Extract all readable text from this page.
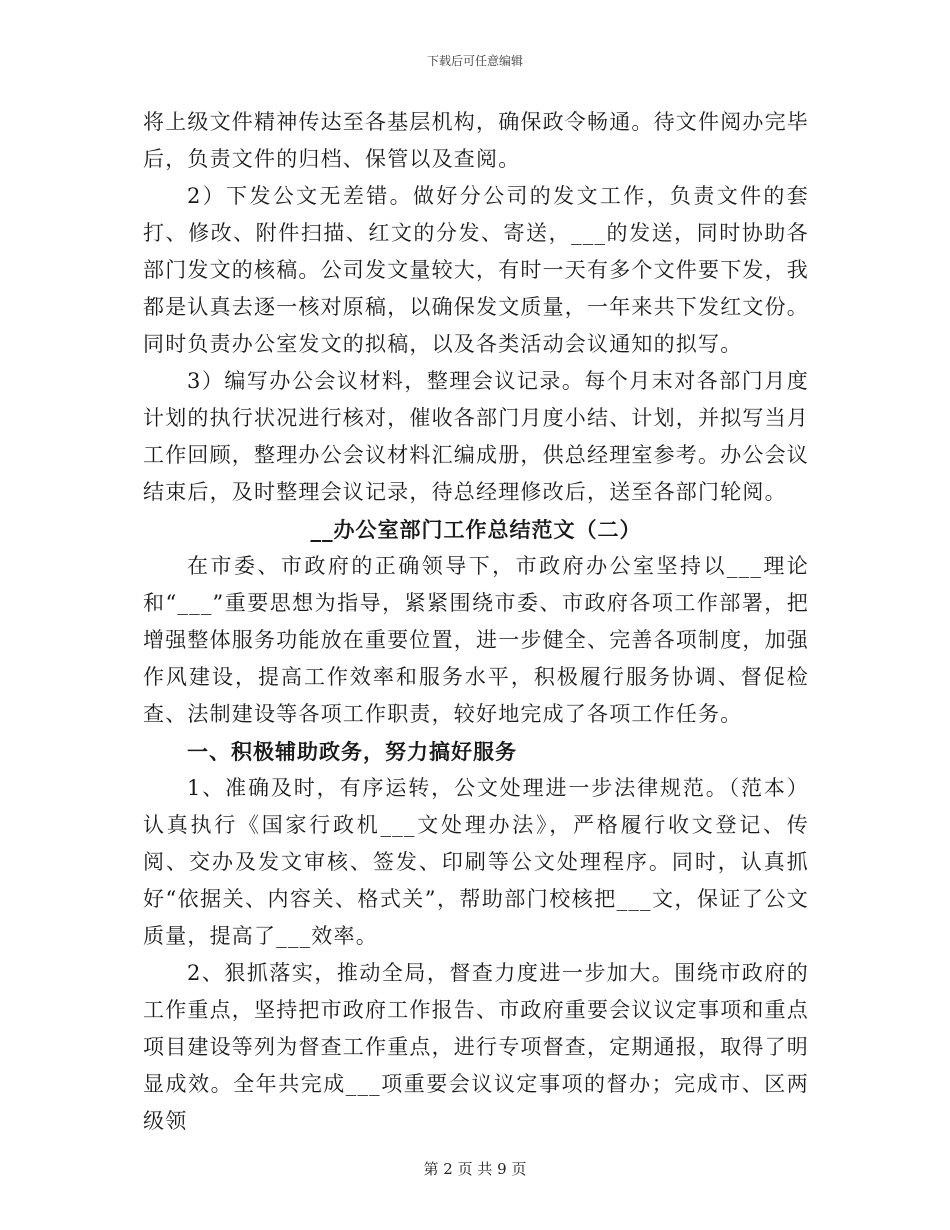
下载后可任意编辑

将上级文件精神传达至各基层机构，确保政令畅通。待文件阅办完毕后，负责文件的归档、保管以及查阅。

2）下发公文无差错。做好分公司的发文工作，负责文件的套打、修改、附件扫描、红文的分发、寄送，___的发送，同时协助各部门发文的核稿。公司发文量较大，有时一天有多个文件要下发，我都是认真去逐一核对原稿，以确保发文质量，一年来共下发红文份。同时负责办公室发文的拟稿，以及各类活动会议通知的拟写。

3）编写办公会议材料，整理会议记录。每个月末对各部门月度计划的执行状况进行核对，催收各部门月度小结、计划，并拟写当月工作回顾，整理办公会议材料汇编成册，供总经理室参考。办公会议结束后，及时整理会议记录，待总经理修改后，送至各部门轮阅。

__办公室部门工作总结范文（二）

在市委、市政府的正确领导下，市政府办公室坚持以___理论和“___”重要思想为指导，紧紧围绕市委、市政府各项工作部署，把增强整体服务功能放在重要位置，进一步健全、完善各项制度，加强作风建设，提高工作效率和服务水平，积极履行服务协调、督促检查、法制建设等各项工作职责，较好地完成了各项工作任务。

一、积极辅助政务，努力搞好服务

1、准确及时，有序运转，公文处理进一步法律规范。（范本）认真执行《国家行政机___文处理办法》，严格履行收文登记、传阅、交办及发文审核、签发、印刷等公文处理程序。同时，认真抓好“依据关、内容关、格式关”，帮助部门校核把___文，保证了公文质量，提高了___效率。

2、狠抓落实，推动全局，督查力度进一步加大。围绕市政府的工作重点，坚持把市政府工作报告、市政府重要会议议定事项和重点项目建设等列为督查工作重点，进行专项督查，定期通报，取得了明显成效。全年共完成___项重要会议议定事项的督办；完成市、区两级领

第 2 页 共 9 页
